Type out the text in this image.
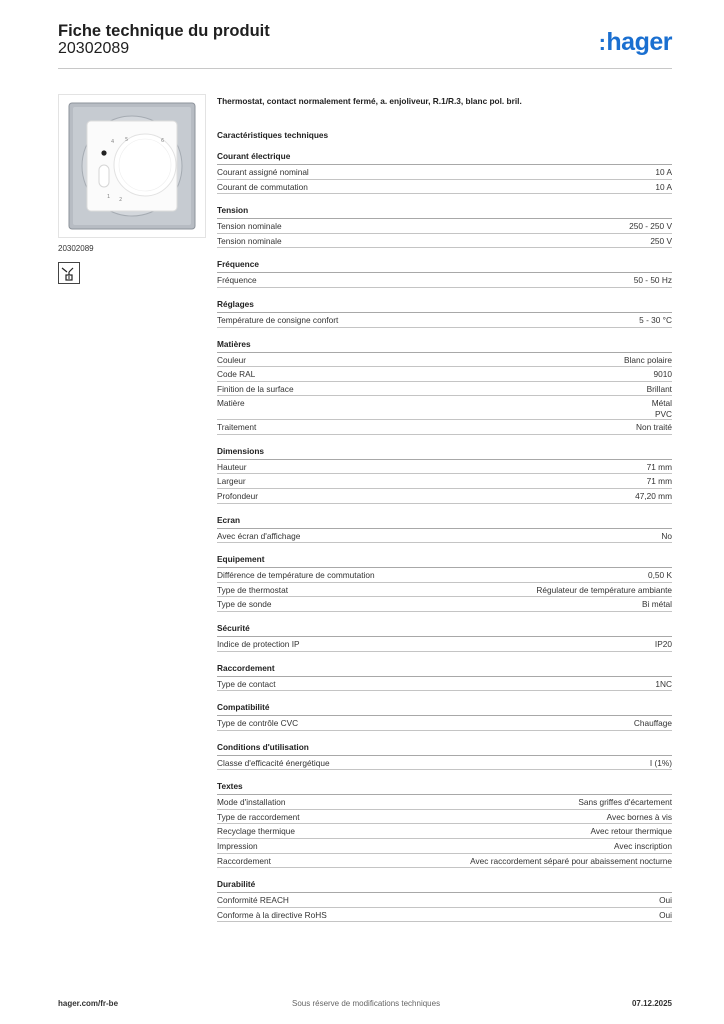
Fiche technique du produit
20302089	:hager
4 5	6
1 2
20302089
Thermostat, contact normalement fermé, a. enjoliveur, R.1/R.3, blanc pol. bril.
Caractéristiques techniques
Courant électrique
Courant assigné nominal	10 A
Courant de commutation	10 A
Tension
Tension nominale	250 - 250 V
Tension nominale	250 V
Fréquence
Fréquence	50 - 50 Hz
Réglages
Température de consigne confort	5 - 30 °C
Matières
Couleur	Blanc polaire
Code RAL	9010
Finition de la surface	Brillant
Matière	Métal
PVC
Traitement	Non traité
Dimensions
Hauteur	71 mm
Largeur	71 mm
Profondeur	47,20 mm
Ecran
Avec écran d'affichage	No
Equipement
Différence de température de commutation	0,50 K
Type de thermostat	Régulateur de température ambiante
Type de sonde	Bi métal
Sécurité
Indice de protection IP	IP20
Raccordement
Type de contact	1NC
Compatibilité
Type de contrôle CVC	Chauffage
Conditions d'utilisation
Classe d'efficacité énergétique	I (1%)
Textes
Mode d'installation	Sans griffes d'écartement
Type de raccordement	Avec bornes à vis
Recyclage thermique	Avec retour thermique
Impression	Avec inscription
Raccordement	Avec raccordement séparé pour abaissement nocturne
Durabilité
Conformité REACH	Oui
Conforme à la directive RoHS	Oui
hager.com/fr-be	Sous réserve de modifications techniques	07.12.2025
